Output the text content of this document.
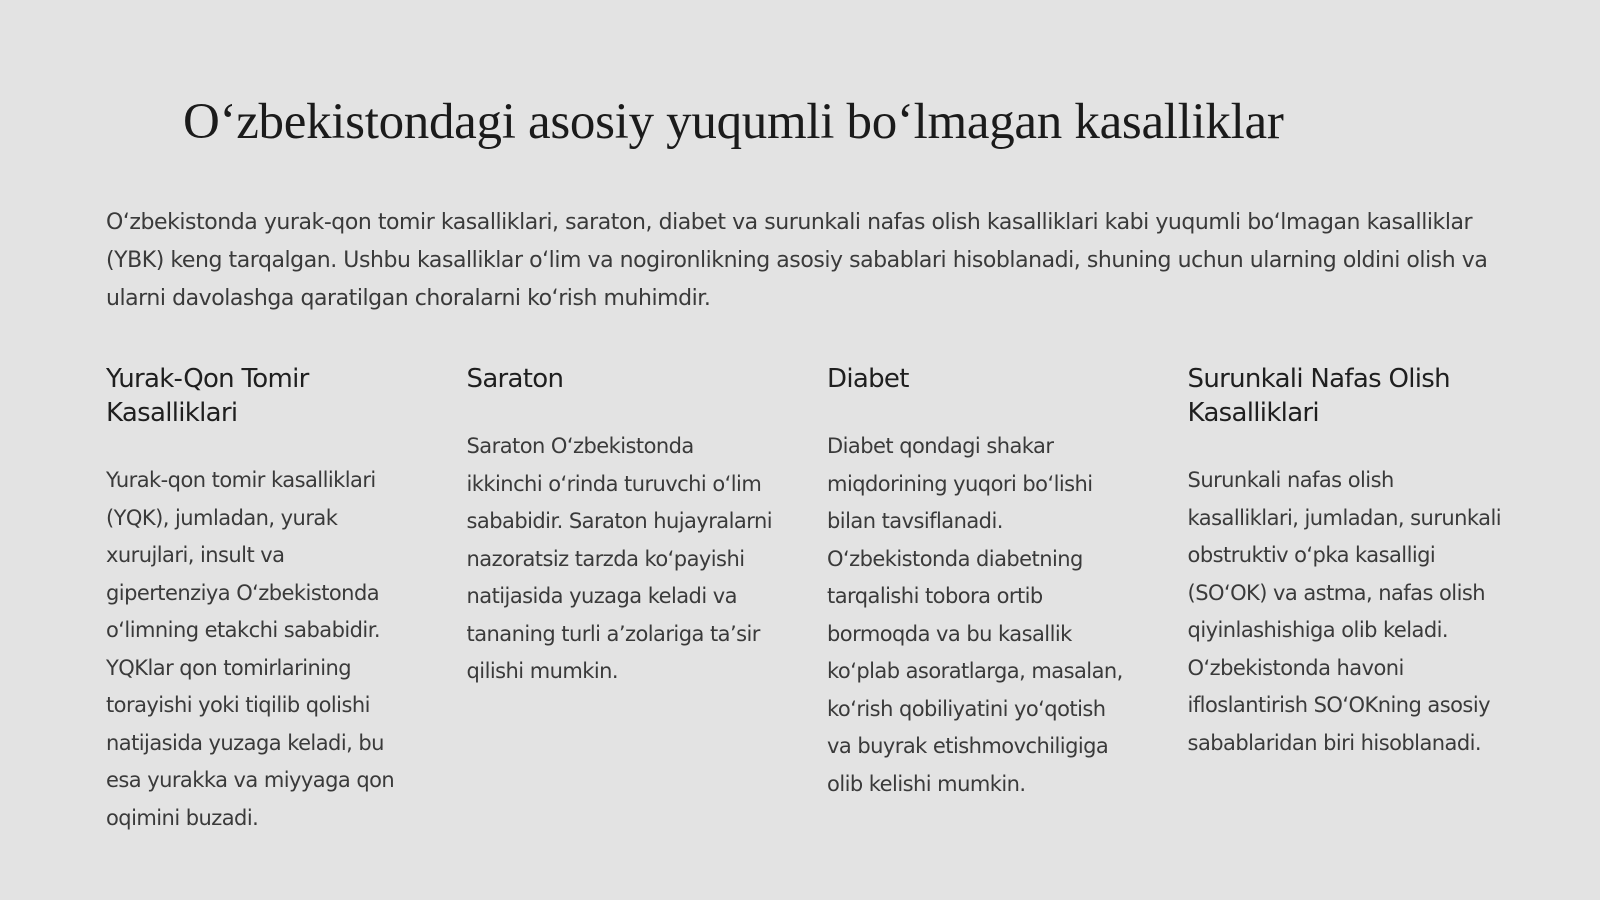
O‘zbekistondagi asosiy yuqumli bo‘lmagan kasalliklar

O‘zbekistonda yurak-qon tomir kasalliklari, saraton, diabet va surunkali nafas olish kasalliklari kabi yuqumli bo‘lmagan kasalliklar (YBK) keng tarqalgan. Ushbu kasalliklar o‘lim va nogironlikning asosiy sabablari hisoblanadi, shuning uchun ularning oldini olish va ularni davolashga qaratilgan choralarni ko‘rish muhimdir.

Yurak-Qon Tomir Kasalliklari

Yurak-qon tomir kasalliklari (YQK), jumladan, yurak xurujlari, insult va gipertenziya O‘zbekistonda o‘limning etakchi sababidir. YQKlar qon tomirlarining torayishi yoki tiqilib qolishi natijasida yuzaga keladi, bu esa yurakka va miyyaga qon oqimini buzadi.

Saraton

Saraton O‘zbekistonda ikkinchi o‘rinda turuvchi o‘lim sababidir. Saraton hujayralarni nazoratsiz tarzda ko‘payishi natijasida yuzaga keladi va tananing turli a’zolariga ta’sir qilishi mumkin.

Diabet

Diabet qondagi shakar miqdorining yuqori bo‘lishi bilan tavsiflanadi. O‘zbekistonda diabetning tarqalishi tobora ortib bormoqda va bu kasallik ko‘plab asoratlarga, masalan, ko‘rish qobiliyatini yo‘qotish va buyrak etishmovchiligiga olib kelishi mumkin.

Surunkali Nafas Olish Kasalliklari

Surunkali nafas olish kasalliklari, jumladan, surunkali obstruktiv o‘pka kasalligi (SO‘OK) va astma, nafas olish qiyinlashishiga olib keladi. O‘zbekistonda havoni ifloslantirish SO‘OKning asosiy sabablaridan biri hisoblanadi.
